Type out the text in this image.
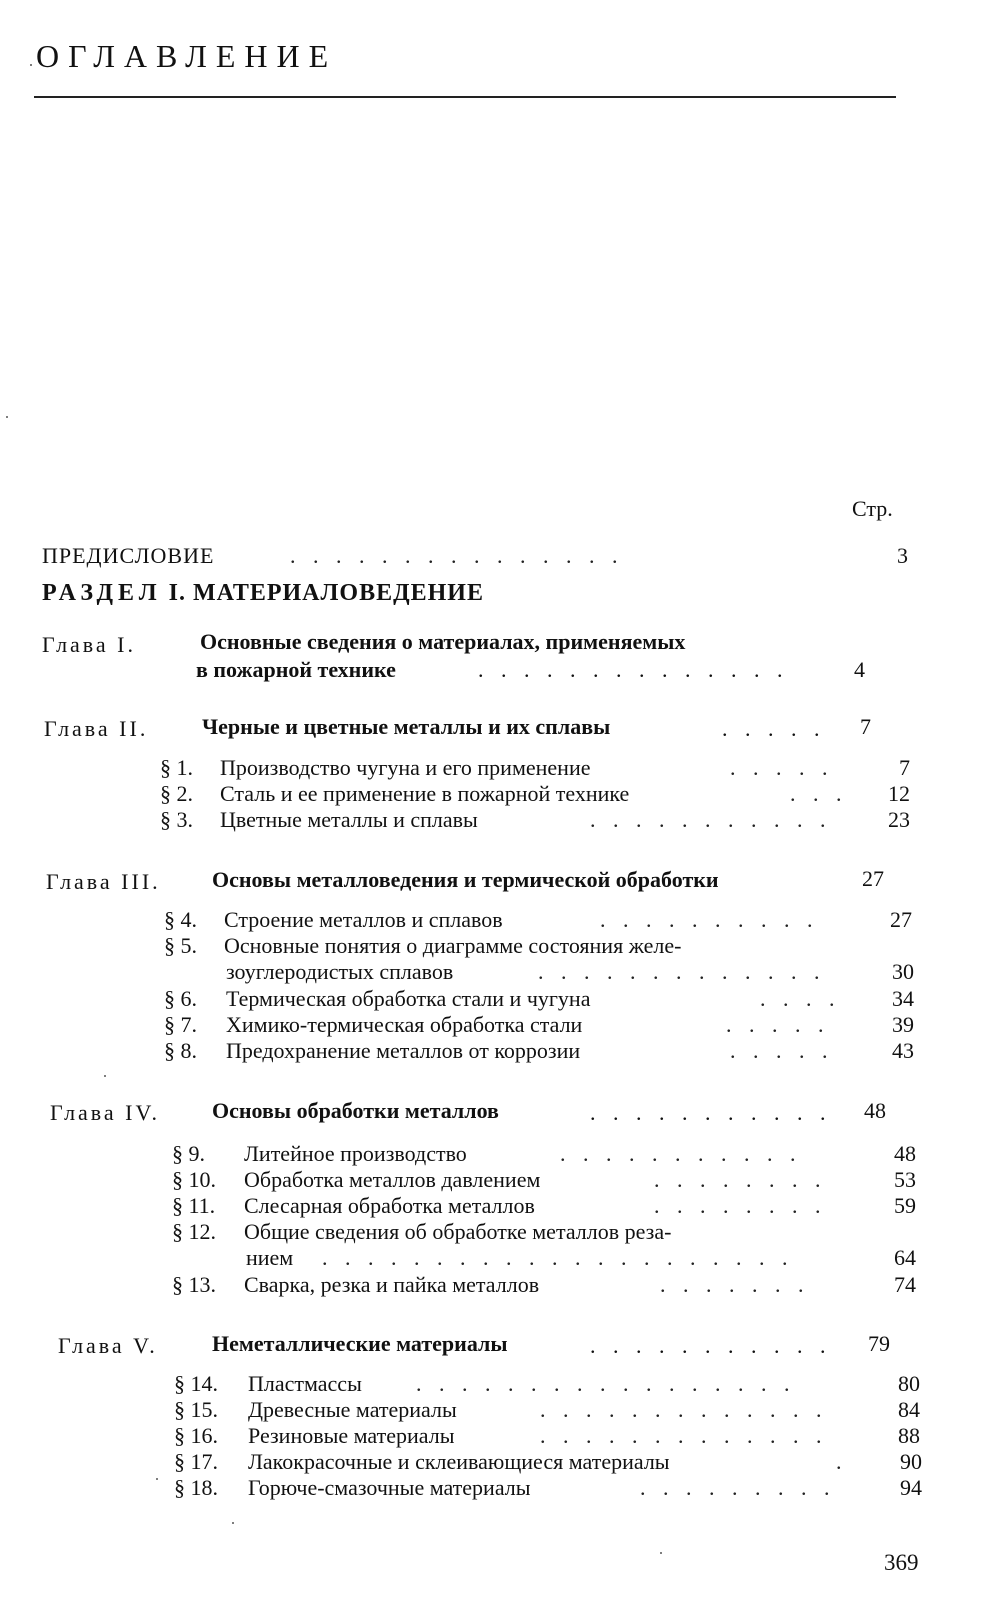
ОГЛАВЛЕНИЕ
Стр.
ПРЕДИСЛОВИЕ	. . . . . . . . . . . . . . .	3
РАЗДЕЛ I. МАТЕРИАЛОВЕДЕНИЕ
Глава I.	Основные сведения о материалах, применяемых
в пожарной технике	. . . . . . . . . . . . . .	4
Глава II. Черные и цветные металлы и их сплавы	. . . . . 7
§ 1. Производство чугуна и его применение	. . . . .	7
§ 2. Сталь и ее применение в пожарной технике	. . .	12
§ 3. Цветные металлы и сплавы	. . . . . . . . . . .	23
Глава III. Основы металловедения и термической обработки	27
§ 4. Строение металлов и сплавов	. . . . . . . . . .	27
§ 5. Основные понятия о диаграмме состояния желе-
зоуглеродистых сплавов	. . . . . . . . . . . . .	30
§ 6. Термическая обработка стали и чугуна	. . . .	34
§ 7. Химико-термическая обработка стали	. . . . .	39
§ 8. Предохранение металлов от коррозии	. . . . .	43
Глава IV. Основы обработки металлов	. . . . . . . . . . . 48
§ 9. Литейное производство	. . . . . . . . . . .	48
§ 10. Обработка металлов давлением	. . . . . . . .	53
§ 11. Слесарная обработка металлов	. . . . . . . .	59
§ 12. Общие сведения об обработке металлов реза-
нием . . . . . . . . . . . . . . . . . . . . .	64
§ 13. Сварка, резка и пайка металлов	. . . . . . .	74
Глава V. Неметаллические материалы	. . . . . . . . . . . 79
§ 14. Пластмассы . . . . . . . . . . . . . . . . .	80
§ 15. Древесные материалы	. . . . . . . . . . . . .	84
§ 16. Резиновые материалы	. . . . . . . . . . . . .	88
§ 17. Лакокрасочные и склеивающиеся материалы	.	90
§ 18. Горюче-смазочные материалы	. . . . . . . . .	94
369
